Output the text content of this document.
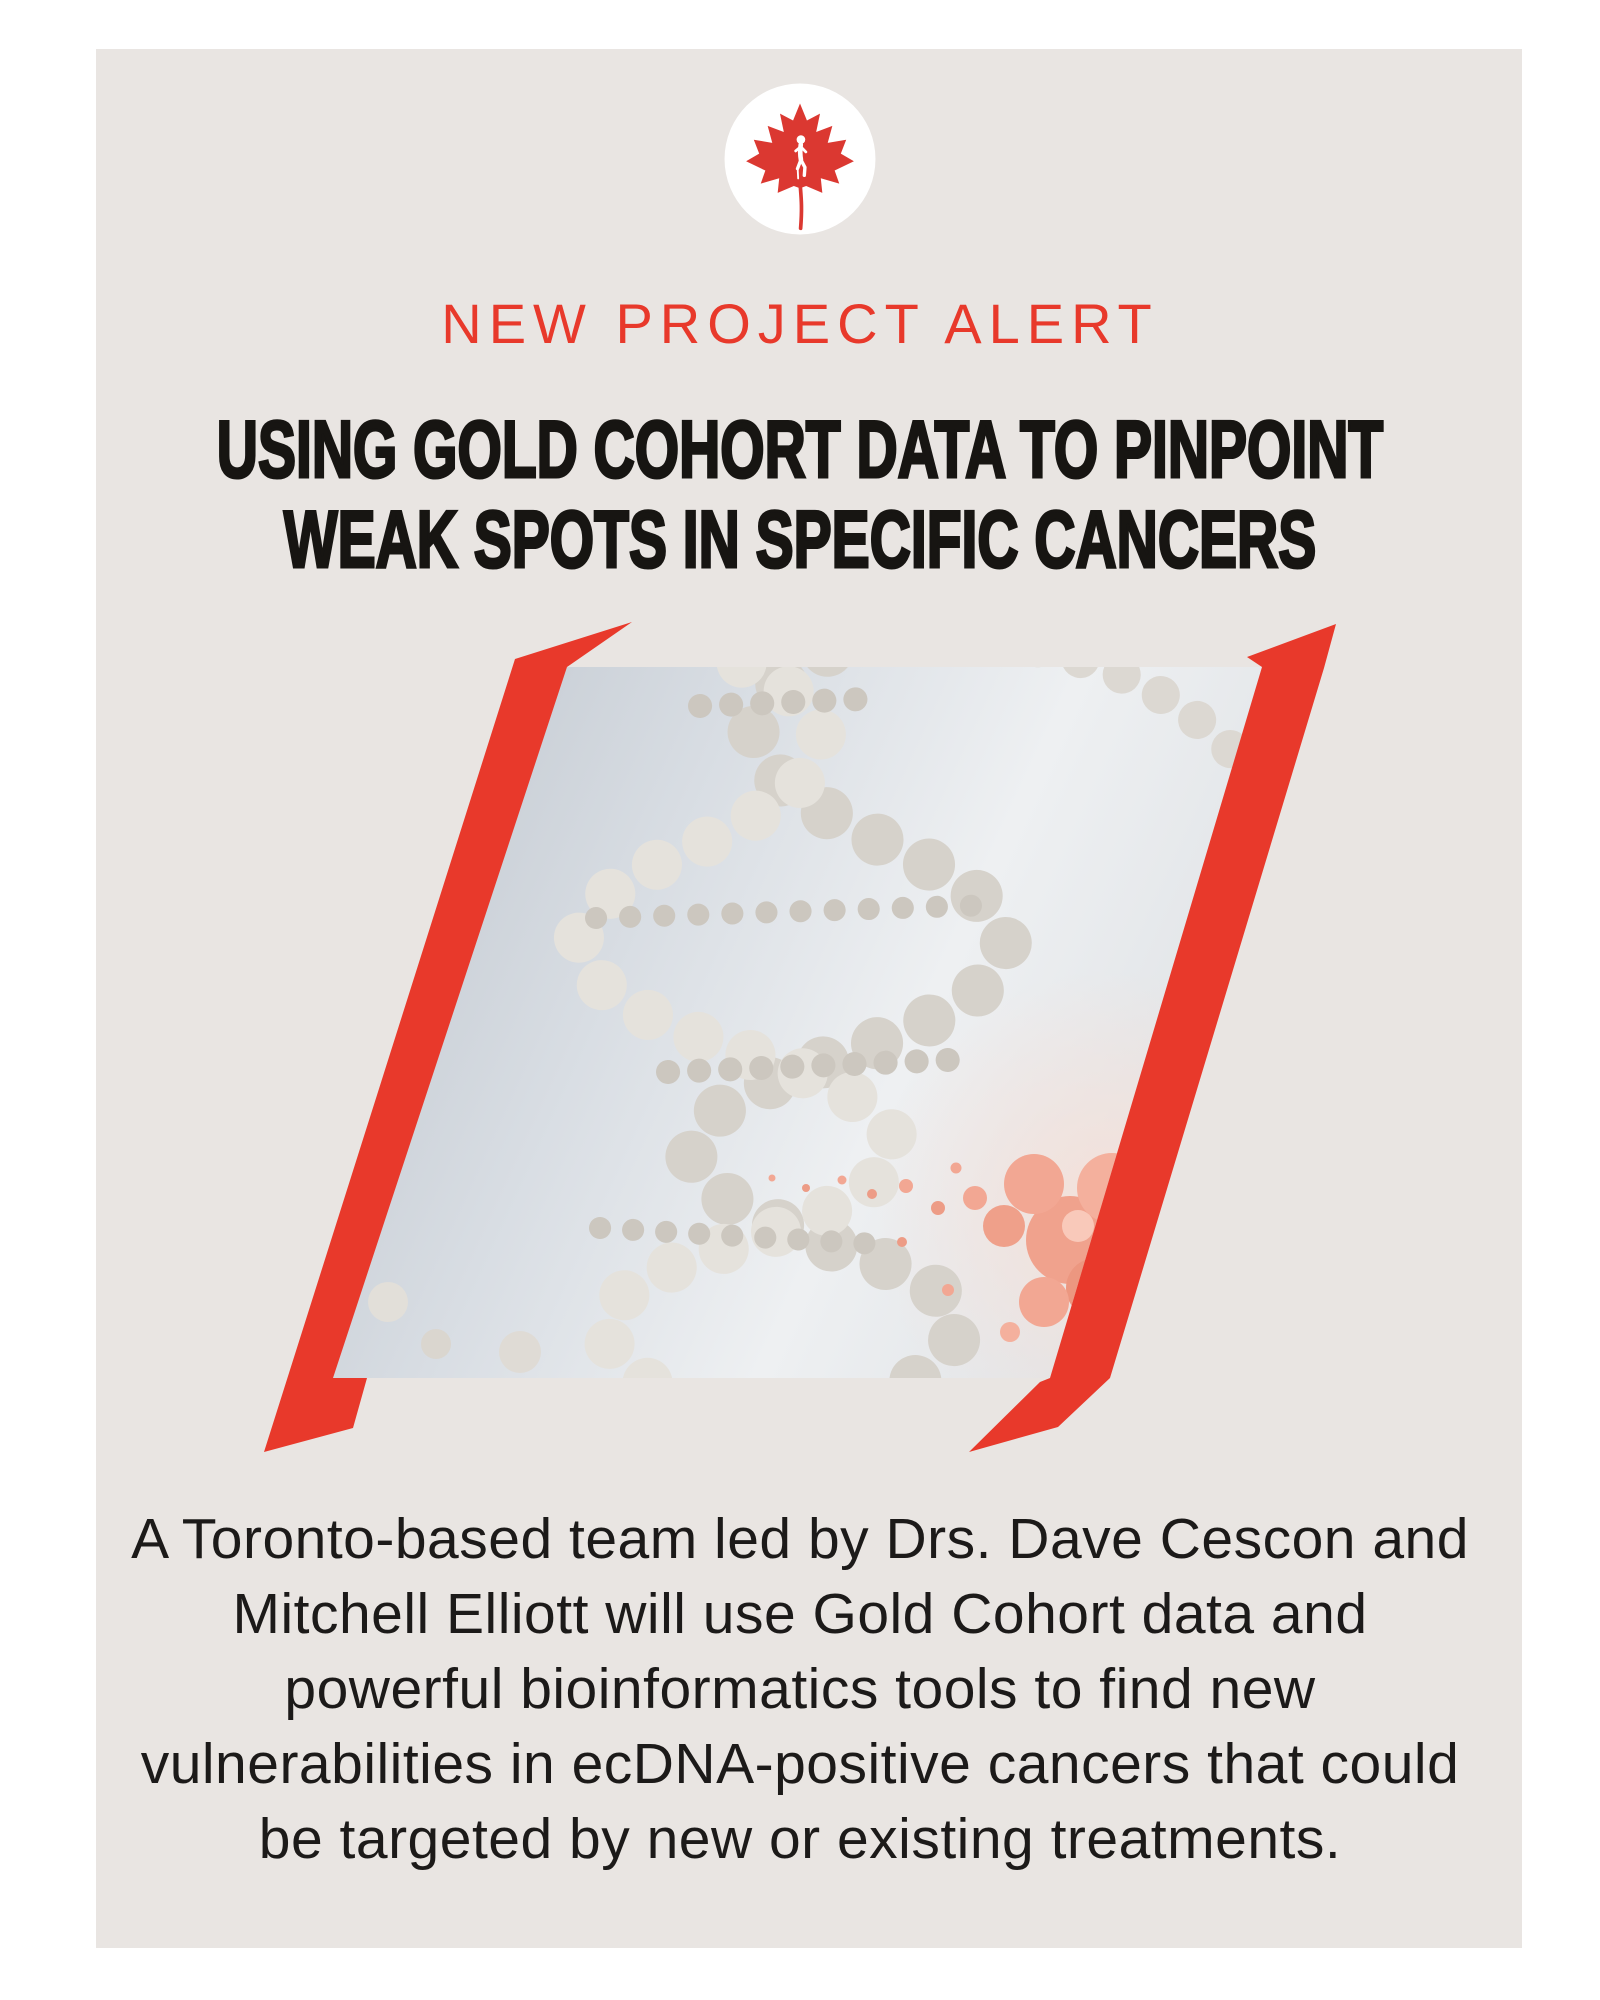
NEW PROJECT ALERT
USING GOLD COHORT DATA TO PINPOINT
WEAK SPOTS IN SPECIFIC CANCERS
A Toronto-based team led by Drs. Dave Cescon and
Mitchell Elliott will use Gold Cohort data and
powerful bioinformatics tools to find new
vulnerabilities in ecDNA-positive cancers that could
be targeted by new or existing treatments.
